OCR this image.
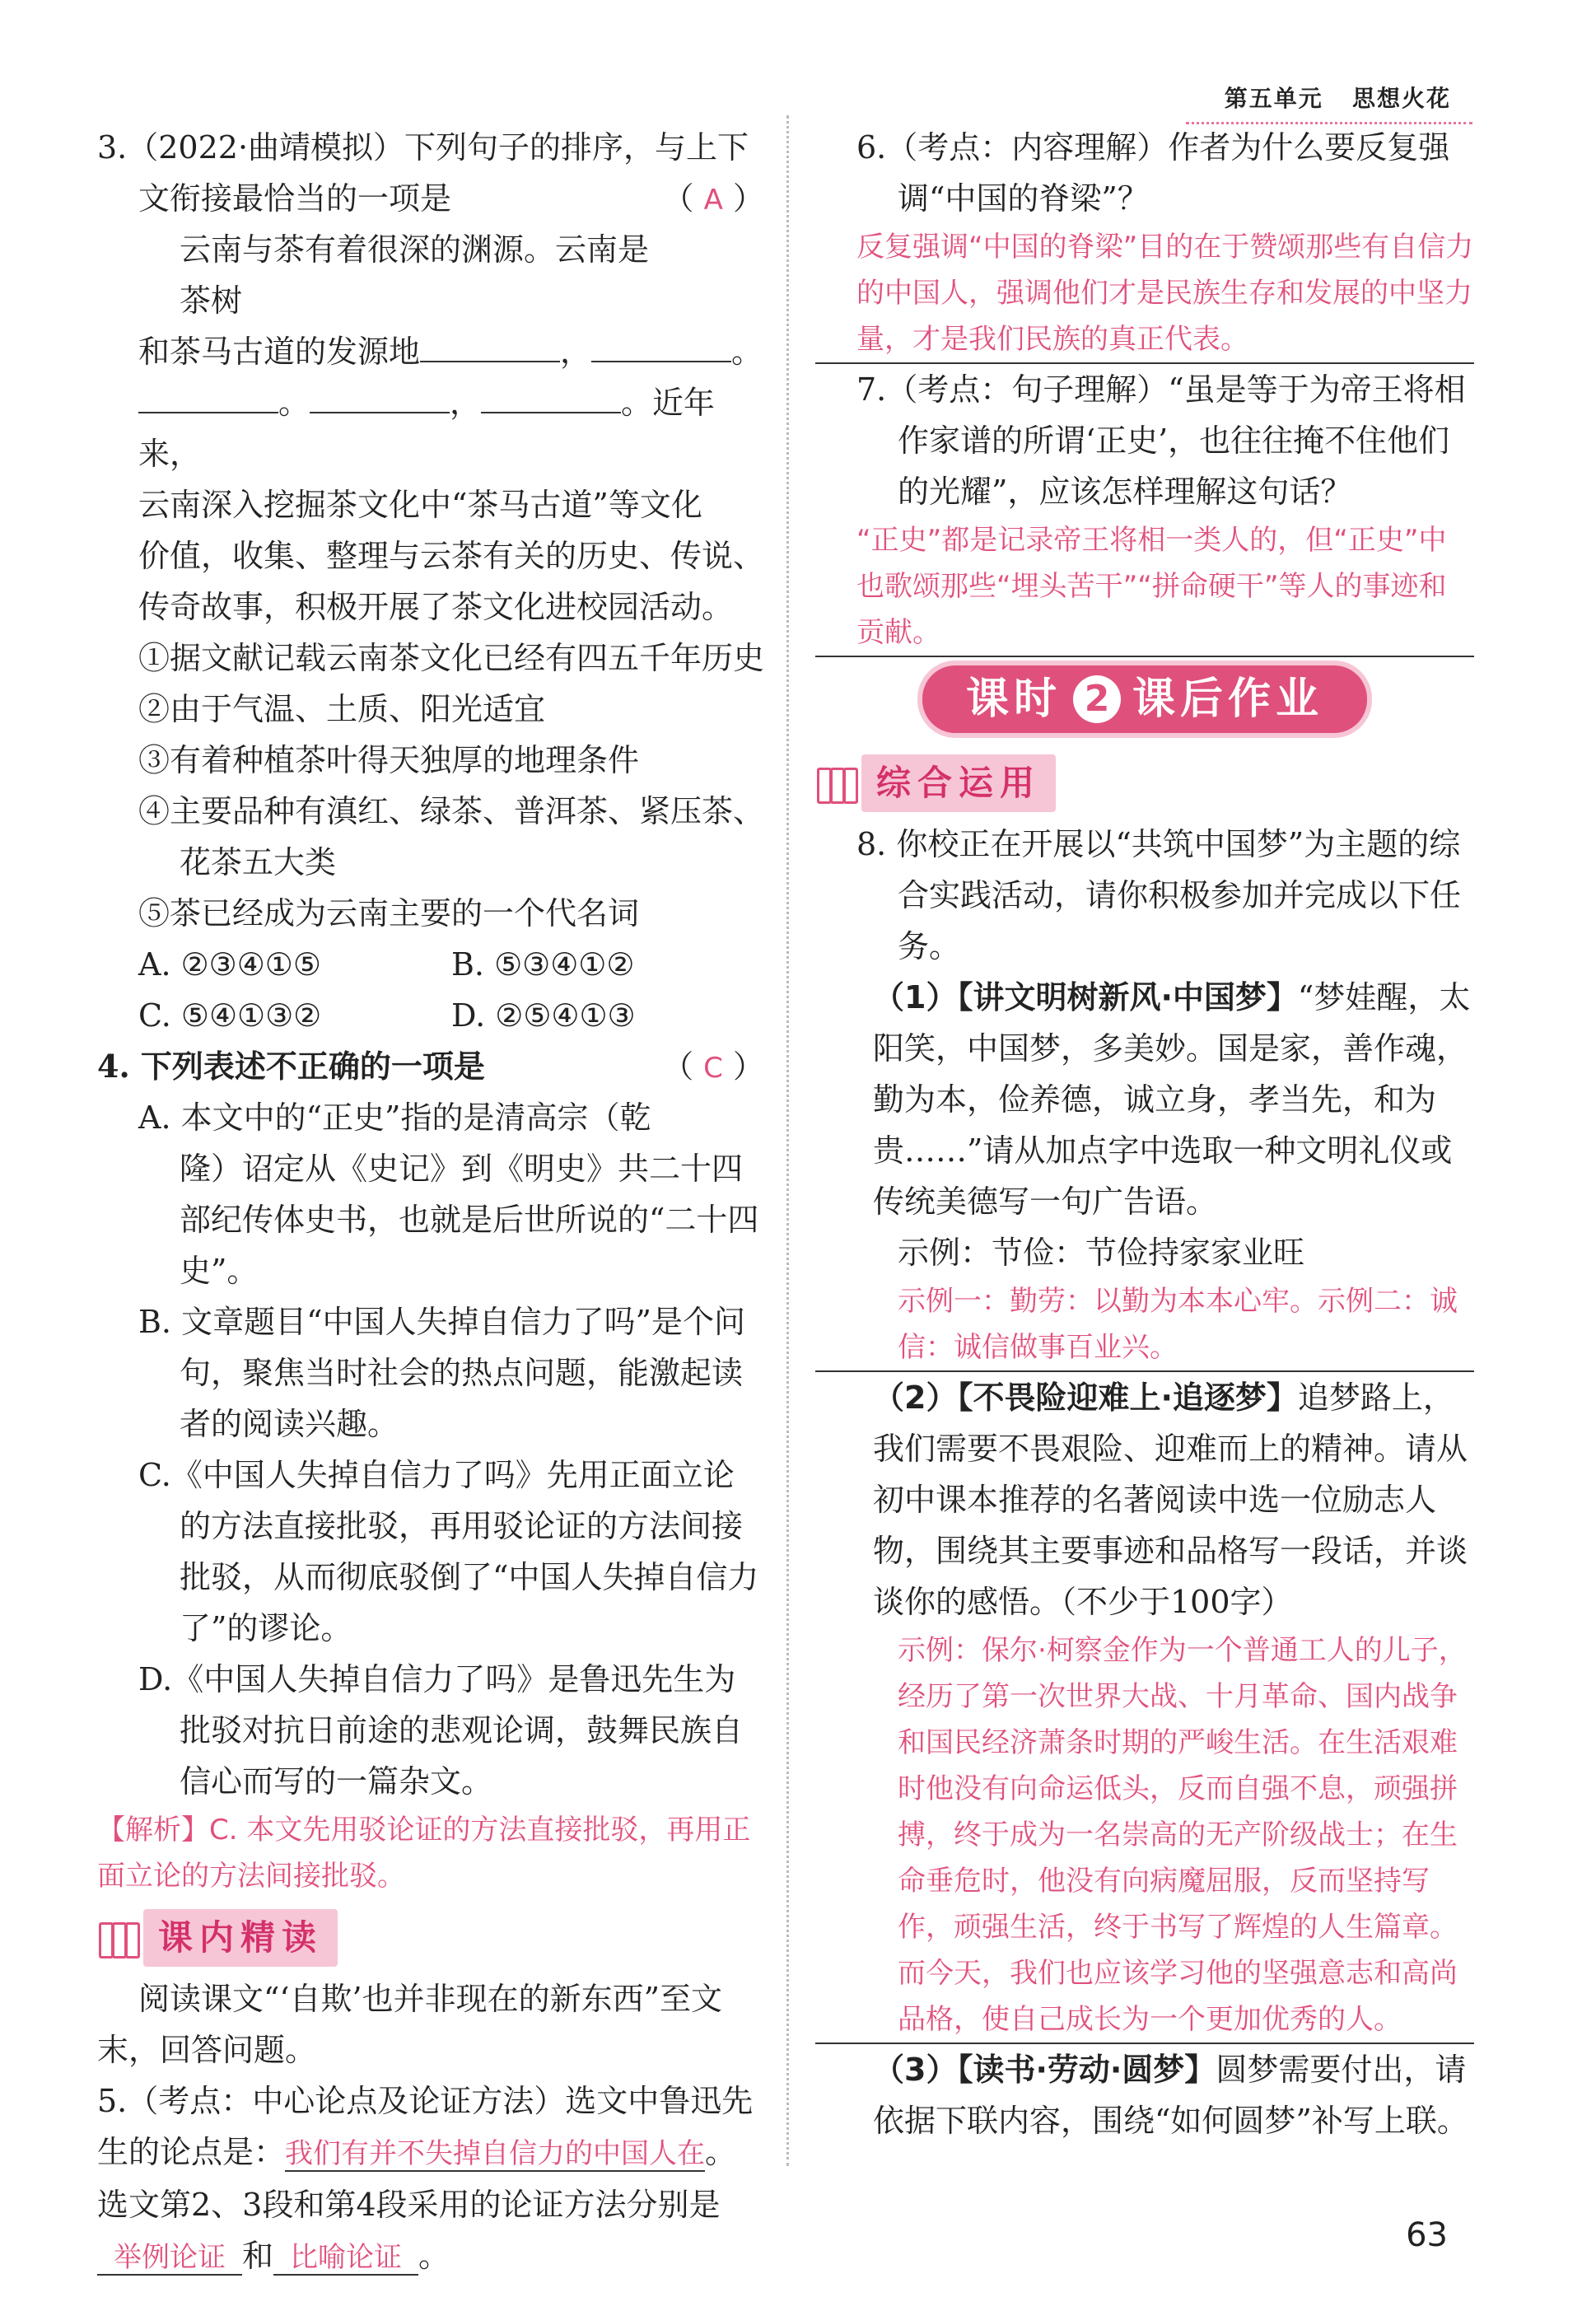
第五单元 思想火花

3.（2022·曲靖模拟）下列句子的排序，与上下

文衔接最恰当的一项是	（ A ）

云南与茶有着很深的渊源。云南是茶树

和茶马古道的发源地	，	。

。	，	。近年来，

云南深入挖掘茶文化中“茶马古道”等文化

价值，收集、整理与云茶有关的历史、传说、

传奇故事，积极开展了茶文化进校园活动。

①据文献记载云南茶文化已经有四五千年历史

②由于气温、土质、阳光适宜

③有着种植茶叶得天独厚的地理条件

④主要品种有滇红、绿茶、普洱茶、紧压茶、花茶五大类

⑤茶已经成为云南主要的一个代名词

A. ②③④①⑤	B. ⑤③④①②
C. ⑤④①③②	D. ②⑤④①③

4. 下列表述不正确的一项是	（ C ）

A. 本文中的“正史”指的是清高宗（乾隆）诏定从《史记》到《明史》共二十四部纪传体史书，也就是后世所说的“二十四史”。

B. 文章题目“中国人失掉自信力了吗”是个问句，聚焦当时社会的热点问题，能激起读者的阅读兴趣。

C.《中国人失掉自信力了吗》先用正面立论的方法直接批驳，再用驳论证的方法间接批驳，从而彻底驳倒了“中国人失掉自信力了”的谬论。

D.《中国人失掉自信力了吗》是鲁迅先生为批驳对抗日前途的悲观论调，鼓舞民族自信心而写的一篇杂文。

【解析】C. 本文先用驳论证的方法直接批驳，再用正面立论的方法间接批驳。

课内精读

阅读课文“‘自欺’也并非现在的新东西”至文末，回答问题。

5.（考点：中心论点及论证方法）选文中鲁迅先生的论点是：我们有并不失掉自信力的中国人在。选文第2、3段和第4段采用的论证方法分别是举例论证 和 比喻论证 。

6.（考点：内容理解）作者为什么要反复强调“中国的脊梁”？

反复强调“中国的脊梁”目的在于赞颂那些有自信力的中国人，强调他们才是民族生存和发展的中坚力量，才是我们民族的真正代表。

7.（考点：句子理解）“虽是等于为帝王将相作家谱的所谓‘正史’，也往往掩不住他们的光耀”，应该怎样理解这句话？

“正史”都是记录帝王将相一类人的，但“正史”中也歌颂那些“埋头苦干”“拼命硬干”等人的事迹和贡献。

课时 2 课后作业
综合运用

8. 你校正在开展以“共筑中国梦”为主题的综合实践活动，请你积极参加并完成以下任务。

（1）【讲文明树新风·中国梦】“梦娃醒，太阳笑，中国梦，多美妙。国是家，善作魂，勤为本，俭养德，诚立身，孝当先，和为贵……”请从加点字中选取一种文明礼仪或传统美德写一句广告语。

示例：节俭：节俭持家家业旺

示例一：勤劳：以勤为本本心牢。示例二：诚信：诚信做事百业兴。

（2）【不畏险迎难上·追逐梦】追梦路上，我们需要不畏艰险、迎难而上的精神。请从初中课本推荐的名著阅读中选一位励志人物，围绕其主要事迹和品格写一段话，并谈谈你的感悟。（不少于100字）

示例：保尔·柯察金作为一个普通工人的儿子，经历了第一次世界大战、十月革命、国内战争和国民经济萧条时期的严峻生活。在生活艰难时他没有向命运低头，反而自强不息，顽强拼搏，终于成为一名崇高的无产阶级战士；在生命垂危时，他没有向病魔屈服，反而坚持写作，顽强生活，终于书写了辉煌的人生篇章。而今天，我们也应该学习他的坚强意志和高尚品格，使自己成长为一个更加优秀的人。

（3）【读书·劳动·圆梦】圆梦需要付出，请依据下联内容，围绕“如何圆梦”补写上联。

63
